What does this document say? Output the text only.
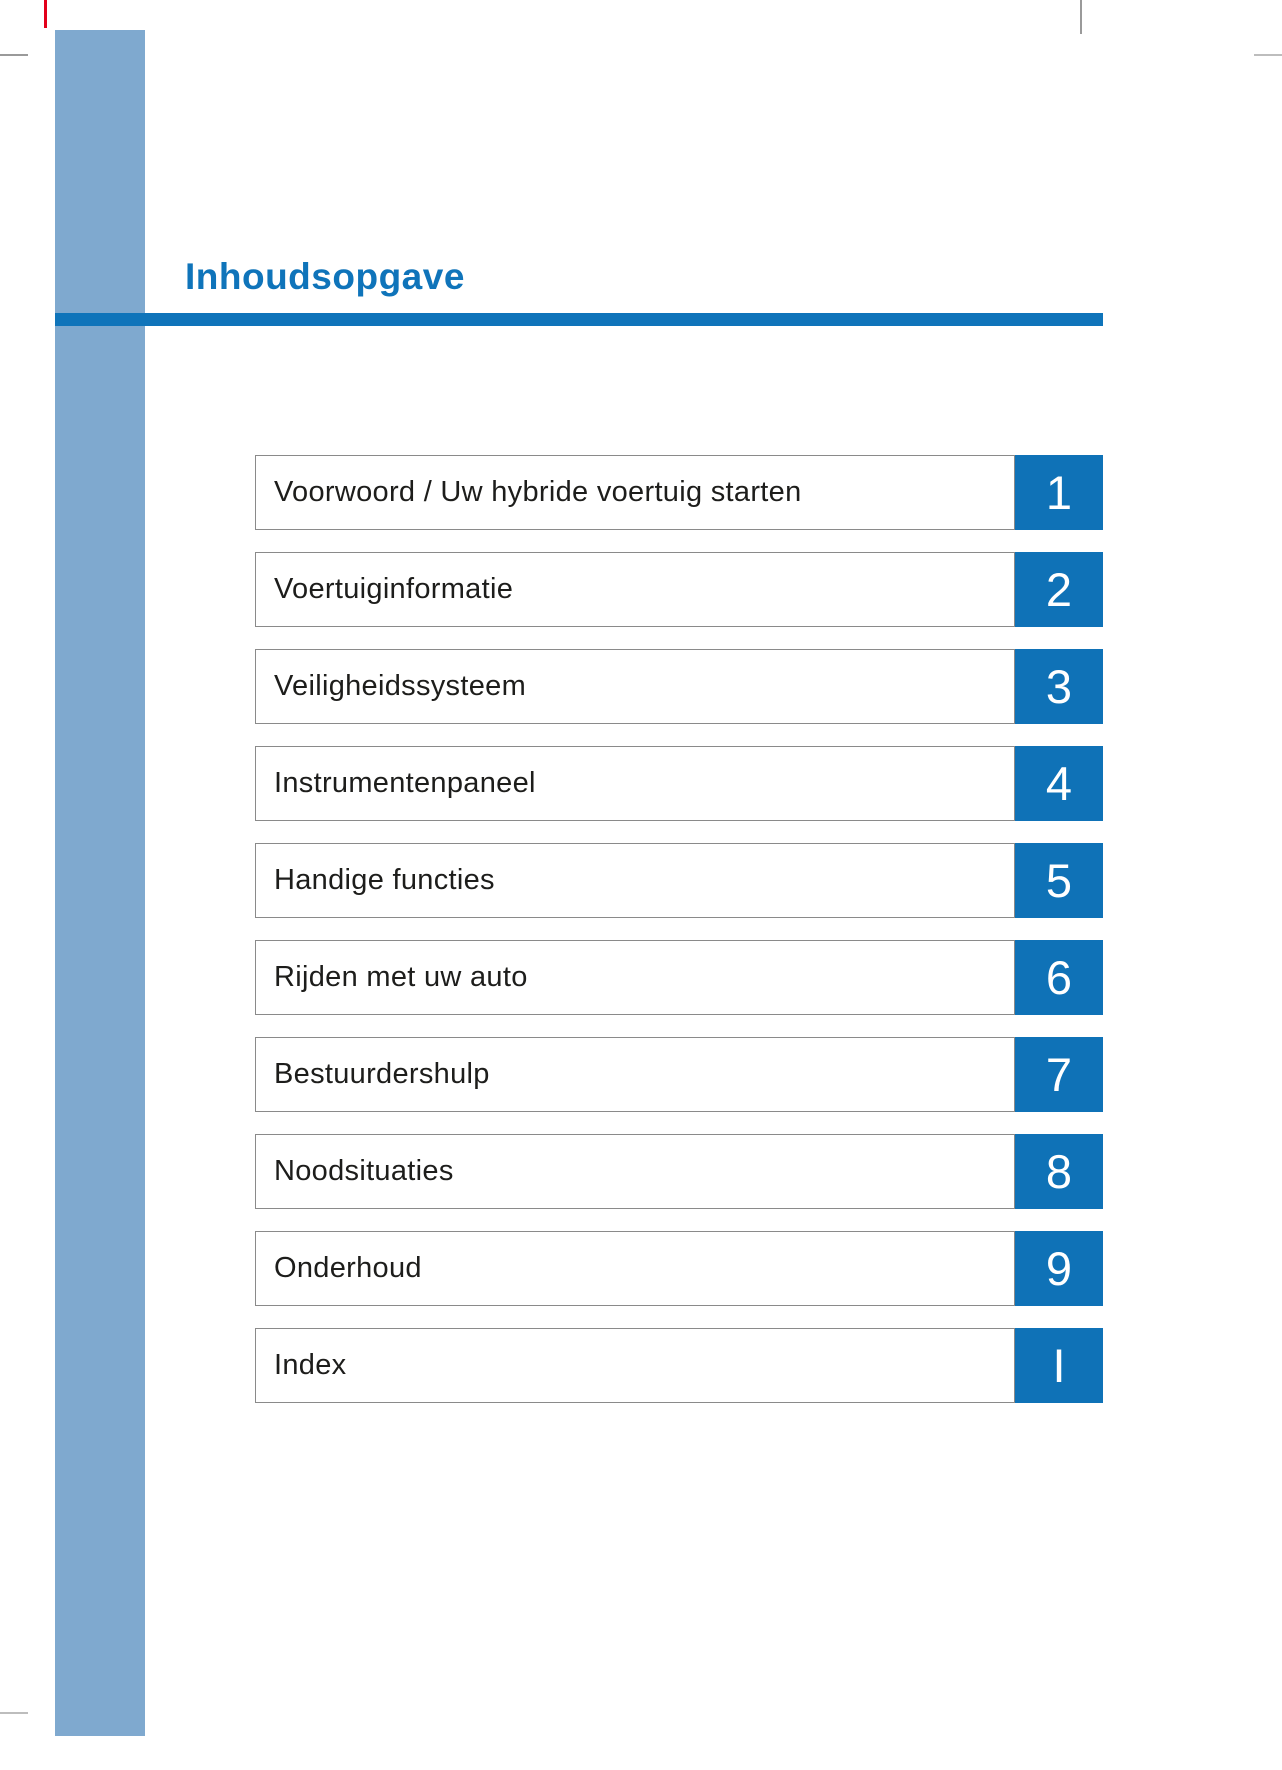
Inhoudsopgave
Voorwoord / Uw hybride voertuig starten	1
Voertuiginformatie	2
Veiligheidssysteem	3
Instrumentenpaneel	4
Handige functies	5
Rijden met uw auto	6
Bestuurdershulp	7
Noodsituaties	8
Onderhoud	9
Index	I
